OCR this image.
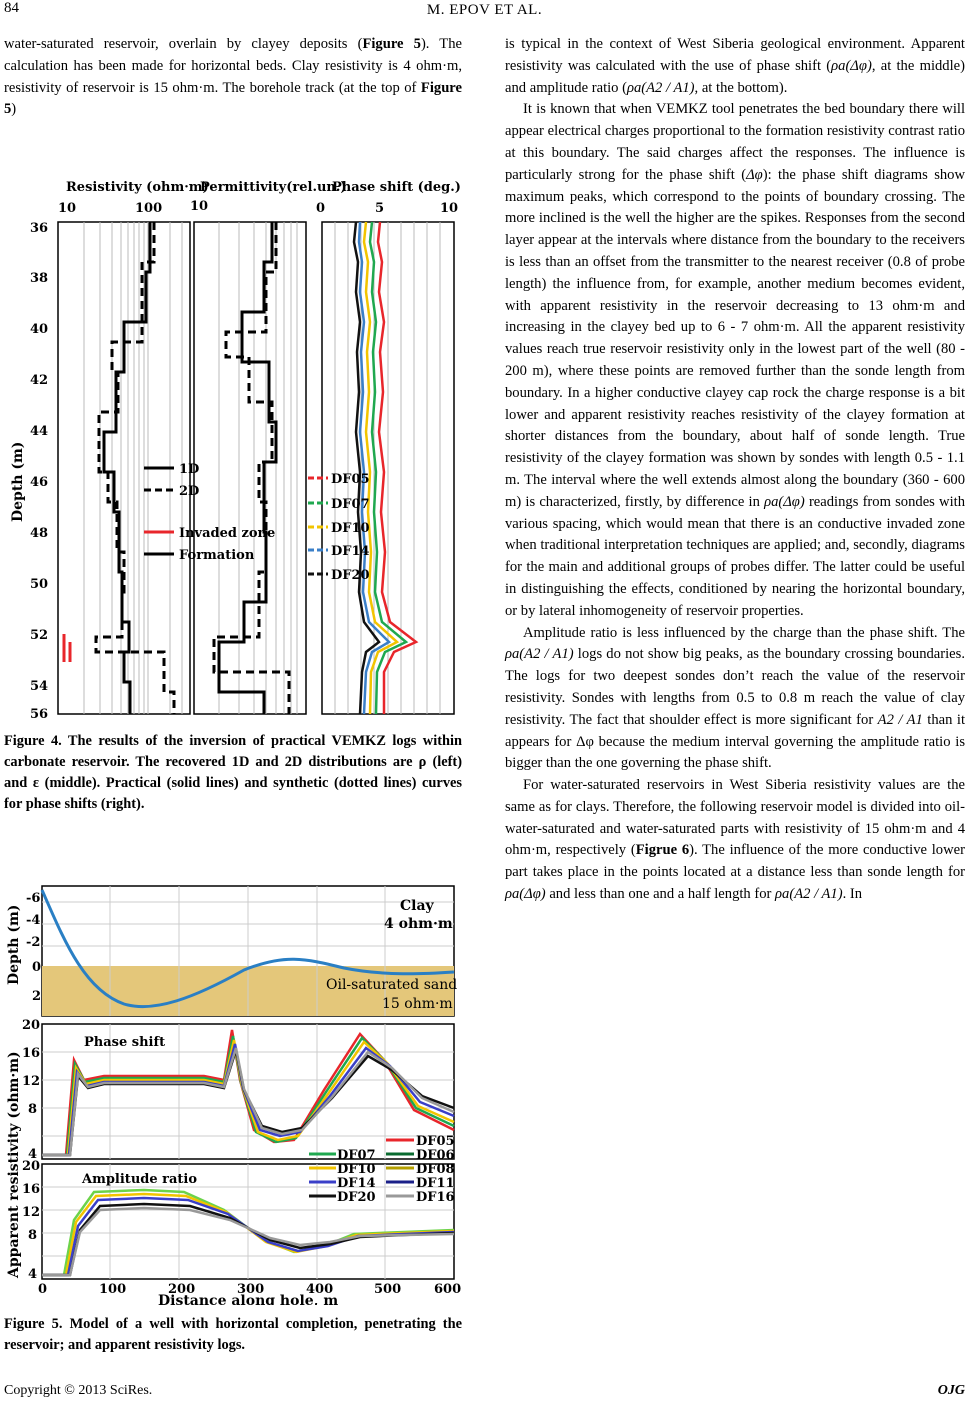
84	M. EPOV ET AL.

water-saturated reservoir, overlain by clayey deposits (Figure 5). The calculation has been made for horizontal beds. Clay resistivity is 4 ohm·m, resistivity of reservoir is 15 ohm·m. The borehole track (at the top of Figure 5)

Resistivity (ohm·m)
Permittivity(rel.un.)
Phase shift (deg.)
10	100 10	0	5	10
36
38
40
42
44
46
48
50
52
54
56
Depth (m)	1D
2D
Invaded zone
Formation
DF05
DF07
DF10
DF14
DF20
Figure 4. The results of the inversion of practical VEMKZ logs within carbonate reservoir. The recovered 1D and 2D distributions are ρ (left) and ε (middle). Practical (solid lines) and synthetic (dotted lines) curves for phase shifts (right).
Clay
4 ohm·m
Oil-saturated sand
15 ohm·m
-6
-4
-2
0
2
Depth (m)
Phase shift
20
16
12
8
4
Amplitude ratio
20
16
12
8
4
Apparent resistivity (ohm·m)	DF05
DF07	DF06
DF10	DF08
DF14	DF11
DF20	DF16
0	100	200	300	400	500	600
Distance along hole, m
Figure 5. Model of a well with horizontal completion, penetrating the reservoir; and apparent resistivity logs.

is typical in the context of West Siberia geological environment. Apparent resistivity was calculated with the use of phase shift (ρa(Δφ), at the middle) and amplitude ratio (ρa(A2 / A1), at the bottom).

It is known that when VEMKZ tool penetrates the bed boundary there will appear electrical charges proportional to the formation resistivity contrast ratio at this boundary. The said charges affect the responses. The influence is particularly strong for the phase shift (Δφ): the phase shift diagrams show maximum peaks, which correspond to the points of boundary crossing. The more inclined is the well the higher are the spikes. Responses from the second layer appear at the intervals where distance from the boundary to the receivers is less than an offset from the transmitter to the nearest receiver (0.8 of probe length) the influence from, for example, another medium becomes evident, with apparent resistivity in the reservoir decreasing to 13 ohm·m and increasing in the clayey bed up to 6 - 7 ohm·m. All the apparent resistivity values reach true reservoir resistivity only in the lowest part of the well (80 - 200 m), where these points are removed further than the sonde length from boundary. In a higher conductive clayey cap rock the charge response is a bit lower and apparent resistivity reaches resistivity of the clayey formation at shorter distances from the boundary, about half of sonde length. True resistivity of the clayey formation was shown by sondes with length 0.5 - 1.1 m. The interval where the well extends almost along the boundary (360 - 600 m) is characterized, firstly, by difference in ρa(Δφ) readings from sondes with various spacing, which would mean that there is an conductive invaded zone when traditional interpretation techniques are applied; and, secondly, diagrams for the main and additional groups of probes differ. The latter could be useful in distinguishing the effects, conditioned by nearing the horizontal boundary, or by lateral inhomogeneity of reservoir properties.

Amplitude ratio is less influenced by the charge than the phase shift. The ρa(A2 / A1) logs do not show big peaks, as the boundary crossing boundaries. The logs for two deepest sondes don’t reach the value of the reservoir resistivity. Sondes with lengths from 0.5 to 0.8 m reach the value of clay resistivity. The fact that shoulder effect is more significant for A2 / A1 than it appears for Δφ because the medium interval governing the amplitude ratio is bigger than the one governing the phase shift.

For water-saturated reservoirs in West Siberia resistivity values are the same as for clays. Therefore, the following reservoir model is divided into oil-water-saturated and water-saturated parts with resistivity of 15 ohm·m and 4 ohm·m, respectively (Figrue 6). The influence of the more conductive lower part takes place in the points located at a distance less than sonde length for ρa(Δφ) and less than one and a half length for ρa(A2 / A1). In

Copyright © 2013 SciRes.	OJG
